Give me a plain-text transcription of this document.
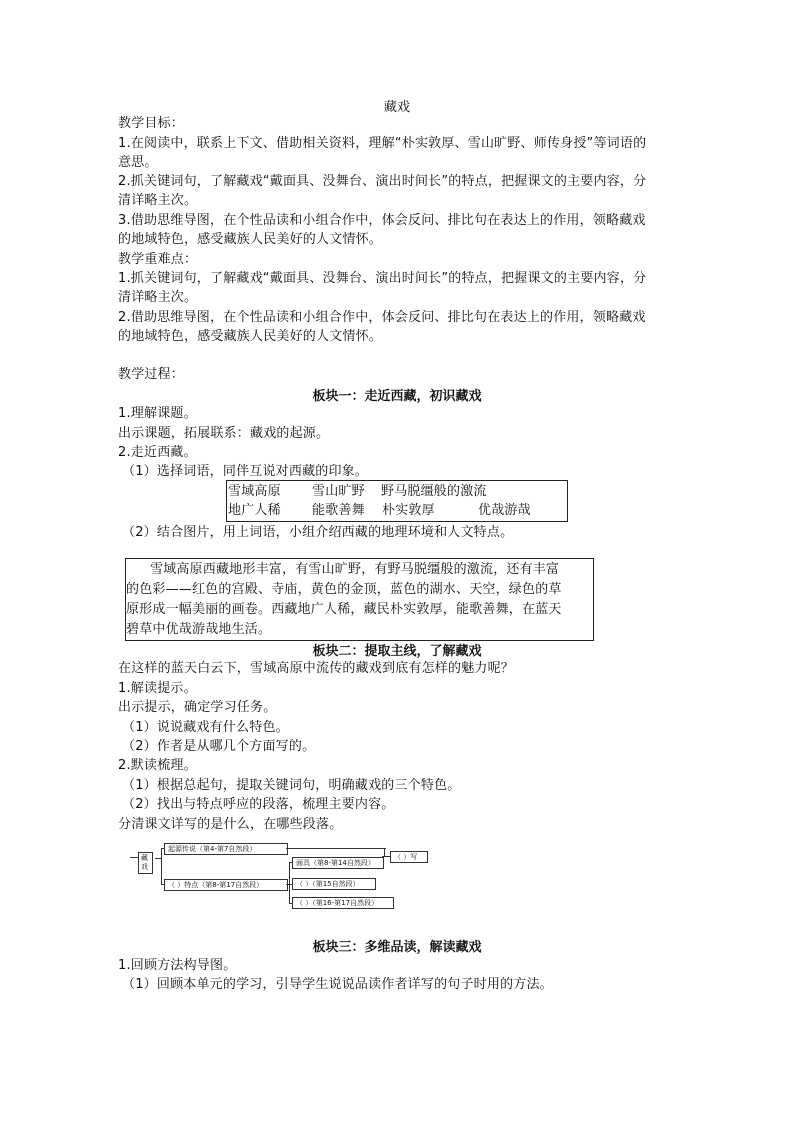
藏戏
教学目标：
1.在阅读中，联系上下文、借助相关资料，理解“朴实敦厚、雪山旷野、师传身授”等词语的
意思。
2.抓关键词句，了解藏戏“戴面具、没舞台、演出时间长”的特点，把握课文的主要内容，分
清详略主次。
3.借助思维导图，在个性品读和小组合作中，体会反问、排比句在表达上的作用，领略藏戏
的地域特色，感受藏族人民美好的人文情怀。
教学重难点：
1.抓关键词句，了解藏戏“戴面具、没舞台、演出时间长”的特点，把握课文的主要内容，分
清详略主次。
2.借助思维导图，在个性品读和小组合作中，体会反问、排比句在表达上的作用，领略藏戏
的地域特色，感受藏族人民美好的人文情怀。
教学过程：
板块一：走近西藏，初识藏戏
1.理解课题。
出示课题，拓展联系：藏戏的起源。
2.走近西藏。
（1）选择词语，同伴互说对西藏的印象。
雪域高原 雪山旷野 野马脱缰般的激流
地广人稀 能歌善舞 朴实敦厚	优哉游哉
（2）结合图片，用上词语，小组介绍西藏的地理环境和人文特点。
雪域高原西藏地形丰富，有雪山旷野，有野马脱缰般的激流，还有丰富
的色彩——红色的宫殿、寺庙，黄色的金顶，蓝色的湖水、天空，绿色的草
原形成一幅美丽的画卷。西藏地广人稀，藏民朴实敦厚，能歌善舞，在蓝天
碧草中优哉游哉地生活。
板块二：提取主线，了解藏戏
在这样的蓝天白云下，雪域高原中流传的藏戏到底有怎样的魅力呢？
1.解读提示。
出示提示，确定学习任务。
（1）说说藏戏有什么特色。
（2）作者是从哪几个方面写的。
2.默读梳理。
（1）根据总起句，提取关键词句，明确藏戏的三个特色。
（2）找出与特点呼应的段落，梳理主要内容。
分清课文详写的是什么，在哪些段落。
藏戏
起源传说（第4-第7自然段）
（ ）写
（ ）特点（第8-第17自然段）
面具（第8-第14自然段）
（ ）（第15自然段）
（ ）（第16-第17自然段）
板块三：多维品读，解读藏戏
1.回顾方法构导图。
（1）回顾本单元的学习，引导学生说说品读作者详写的句子时用的方法。
